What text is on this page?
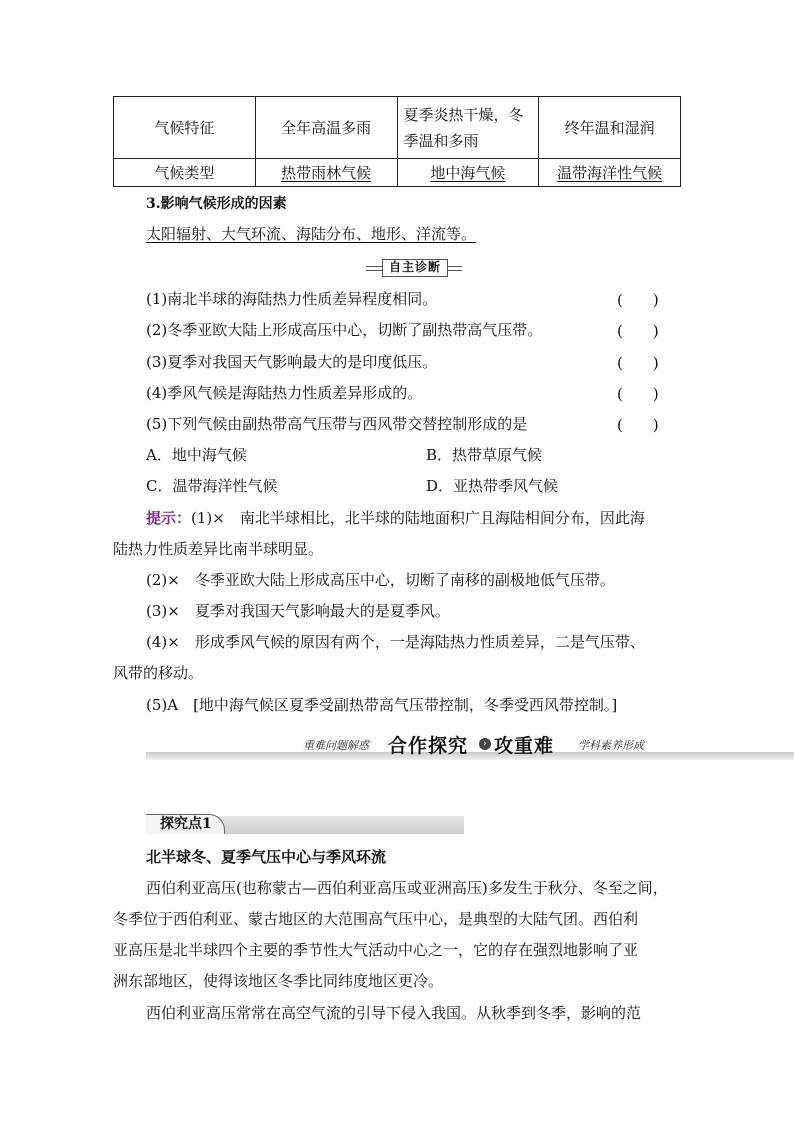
气候特征	全年高温多雨	夏季炎热干燥，冬季温和多雨	终年温和湿润
气候类型	热带雨林气候	地中海气候	温带海洋性气候
3.影响气候形成的因素
太阳辐射、大气环流、海陆分布、地形、洋流等。
自主诊断
(1)南北半球的海陆热力性质差异程度相同。	(　　)
(2)冬季亚欧大陆上形成高压中心，切断了副热带高气压带。	(　　)
(3)夏季对我国天气影响最大的是印度低压。	(　　)
(4)季风气候是海陆热力性质差异形成的。	(　　)
(5)下列气候由副热带高气压带与西风带交替控制形成的是	(　　)
A．地中海气候	B．热带草原气候
C．温带海洋性气候	D．亚热带季风气候
提示：(1)×　南北半球相比，北半球的陆地面积广且海陆相间分布，因此海
陆热力性质差异比南半球明显。
(2)×　冬季亚欧大陆上形成高压中心，切断了南移的副极地低气压带。
(3)×　夏季对我国天气影响最大的是夏季风。
(4)×　形成季风气候的原因有两个，一是海陆热力性质差异，二是气压带、
风带的移动。
(5)A　[地中海气候区夏季受副热带高气压带控制，冬季受西风带控制。]
重难问题解惑 合作探究	› 攻重难 学科素养形成
探究点1
北半球冬、夏季气压中心与季风环流
西伯利亚高压(也称蒙古—西伯利亚高压或亚洲高压)多发生于秋分、冬至之间，
冬季位于西伯利亚、蒙古地区的大范围高气压中心，是典型的大陆气团。西伯利
亚高压是北半球四个主要的季节性大气活动中心之一，它的存在强烈地影响了亚
洲东部地区，使得该地区冬季比同纬度地区更冷。
西伯利亚高压常常在高空气流的引导下侵入我国。从秋季到冬季，影响的范
